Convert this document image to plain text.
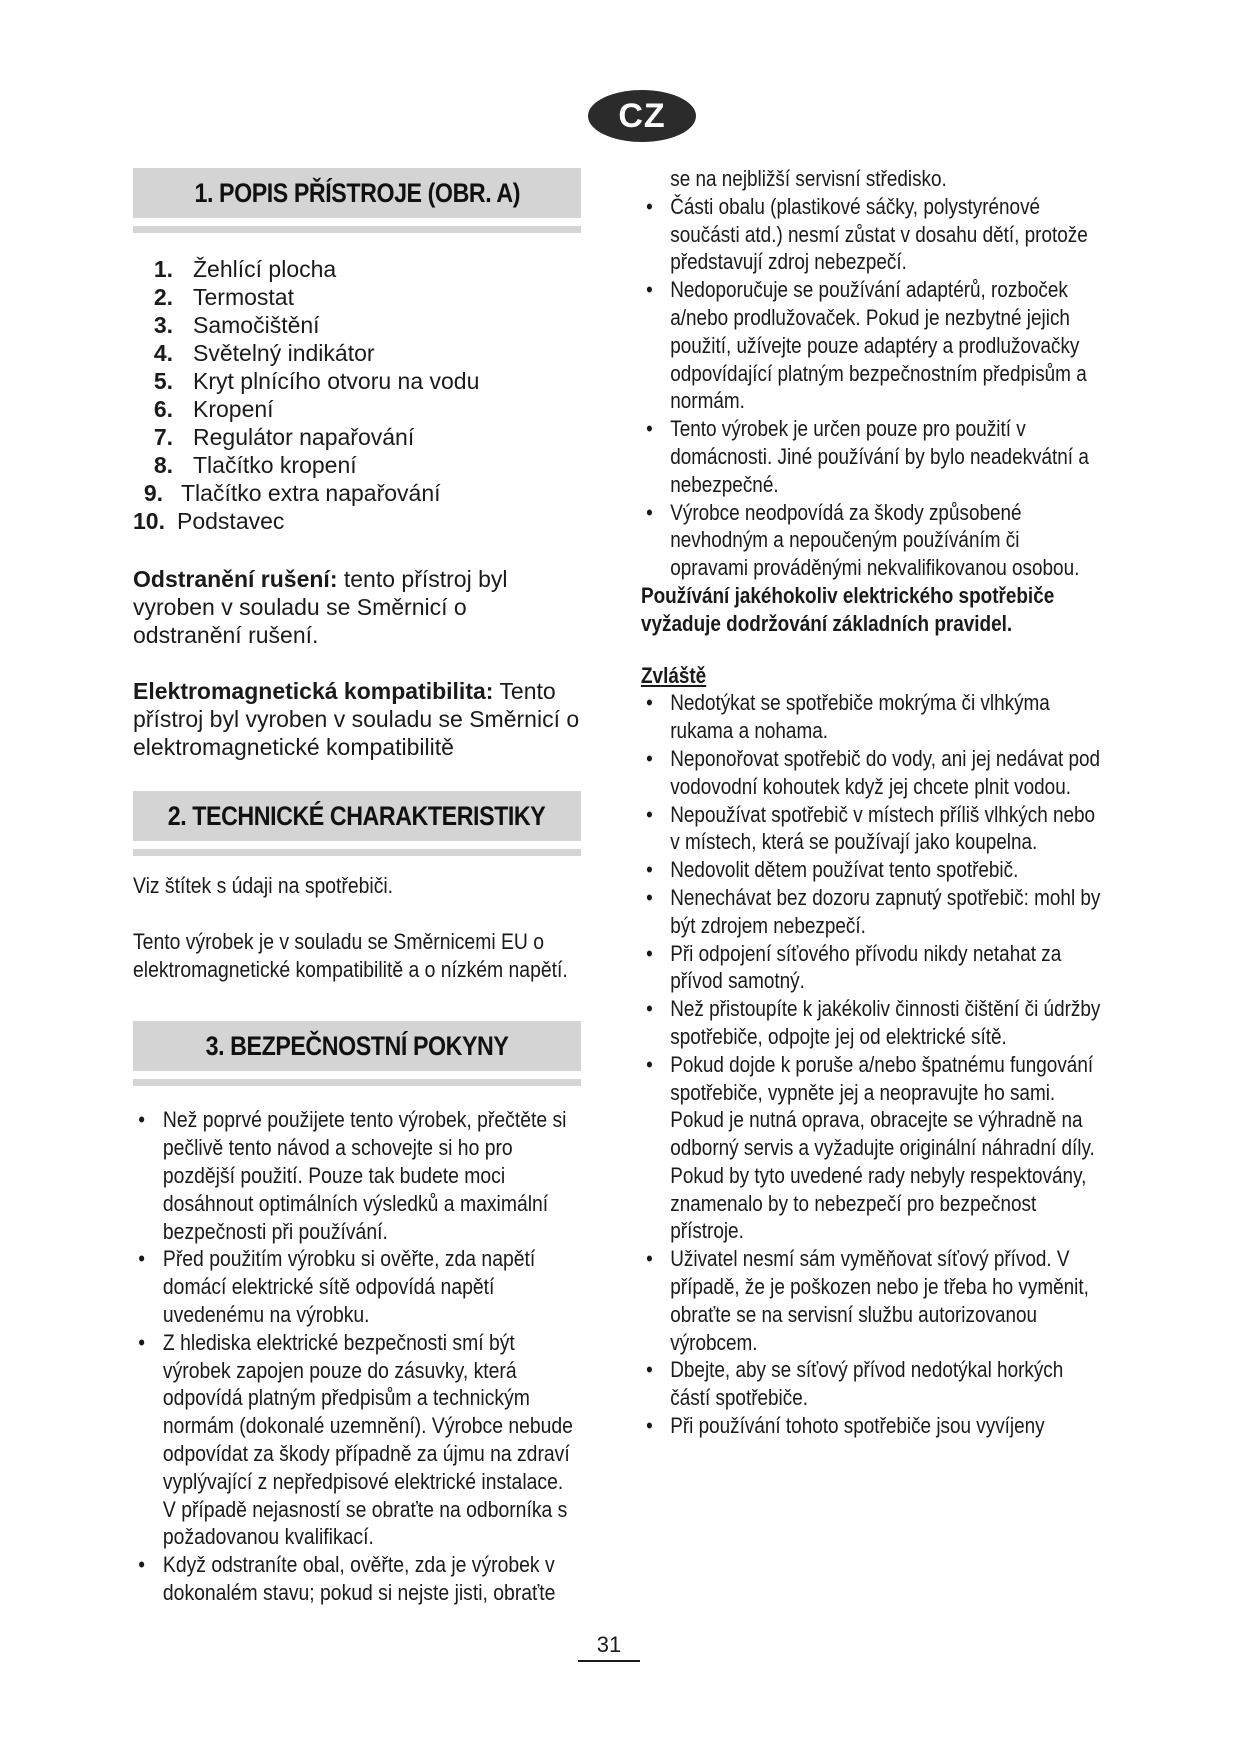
CZ
1. POPIS PŘÍSTROJE (OBR. A)
1. Žehlící plocha
2. Termostat
3. Samočištění
4. Světelný indikátor
5. Kryt plnícího otvoru na vodu
6. Kropení
7. Regulátor napařování
8. Tlačítko kropení
9. Tlačítko extra napařování
10. Podstavec

Odstranění rušení: tento přístroj byl vyroben v souladu se Směrnicí o odstranění rušení.

Elektromagnetická kompatibilita: Tento přístroj byl vyroben v souladu se Směrnicí o elektromagnetické kompatibilitě

2. TECHNICKÉ CHARAKTERISTIKY

Viz štítek s údaji na spotřebiči.

Tento výrobek je v souladu se Směrnicemi EU o elektromagnetické kompatibilitě a o nízkém napětí.

3. BEZPEČNOSTNÍ POKYNY
• Než poprvé použijete tento výrobek, přečtěte si pečlivě tento návod a schovejte si ho pro pozdější použití. Pouze tak budete moci dosáhnout optimálních výsledků a maximální bezpečnosti při používání.
• Před použitím výrobku si ověřte, zda napětí domácí elektrické sítě odpovídá napětí uvedenému na výrobku.
• Z hlediska elektrické bezpečnosti smí být výrobek zapojen pouze do zásuvky, která odpovídá platným předpisům a technickým normám (dokonalé uzemnění). Výrobce nebude odpovídat za škody případně za újmu na zdraví vyplývající z nepředpisové elektrické instalace. V případě nejasností se obraťte na odborníka s požadovanou kvalifikací.
• Když odstraníte obal, ověřte, zda je výrobek v dokonalém stavu; pokud si nejste jisti, obraťte

se na nejbližší servisní středisko.

• Části obalu (plastikové sáčky, polystyrénové součásti atd.) nesmí zůstat v dosahu dětí, protože představují zdroj nebezpečí.
• Nedoporučuje se používání adaptérů, rozboček a/nebo prodlužovaček. Pokud je nezbytné jejich použití, užívejte pouze adaptéry a prodlužovačky odpovídající platným bezpečnostním předpisům a normám.
• Tento výrobek je určen pouze pro použití v domácnosti. Jiné používání by bylo neadekvátní a nebezpečné.
• Výrobce neodpovídá za škody způsobené nevhodným a nepoučeným používáním či opravami prováděnými nekvalifikovanou osobou.

Používání jakéhokoliv elektrického spotřebiče vyžaduje dodržování základních pravidel.

Zvláště

• Nedotýkat se spotřebiče mokrýma či vlhkýma rukama a nohama.
• Neponořovat spotřebič do vody, ani jej nedávat pod vodovodní kohoutek když jej chcete plnit vodou.
• Nepoužívat spotřebič v místech příliš vlhkých nebo v místech, která se používají jako koupelna.
• Nedovolit dětem používat tento spotřebič.
• Nenechávat bez dozoru zapnutý spotřebič: mohl by být zdrojem nebezpečí.
• Při odpojení síťového přívodu nikdy netahat za přívod samotný.
• Než přistoupíte k jakékoliv činnosti čištění či údržby spotřebiče, odpojte jej od elektrické sítě.
• Pokud dojde k poruše a/nebo špatnému fungování spotřebiče, vypněte jej a neopravujte ho sami. Pokud je nutná oprava, obracejte se výhradně na odborný servis a vyžadujte originální náhradní díly. Pokud by tyto uvedené rady nebyly respektovány, znamenalo by to nebezpečí pro bezpečnost přístroje.
• Uživatel nesmí sám vyměňovat síťový přívod. V případě, že je poškozen nebo je třeba ho vyměnit, obraťte se na servisní službu autorizovanou výrobcem.
• Dbejte, aby se síťový přívod nedotýkal horkých částí spotřebiče.
• Při používání tohoto spotřebiče jsou vyvíjeny
31
